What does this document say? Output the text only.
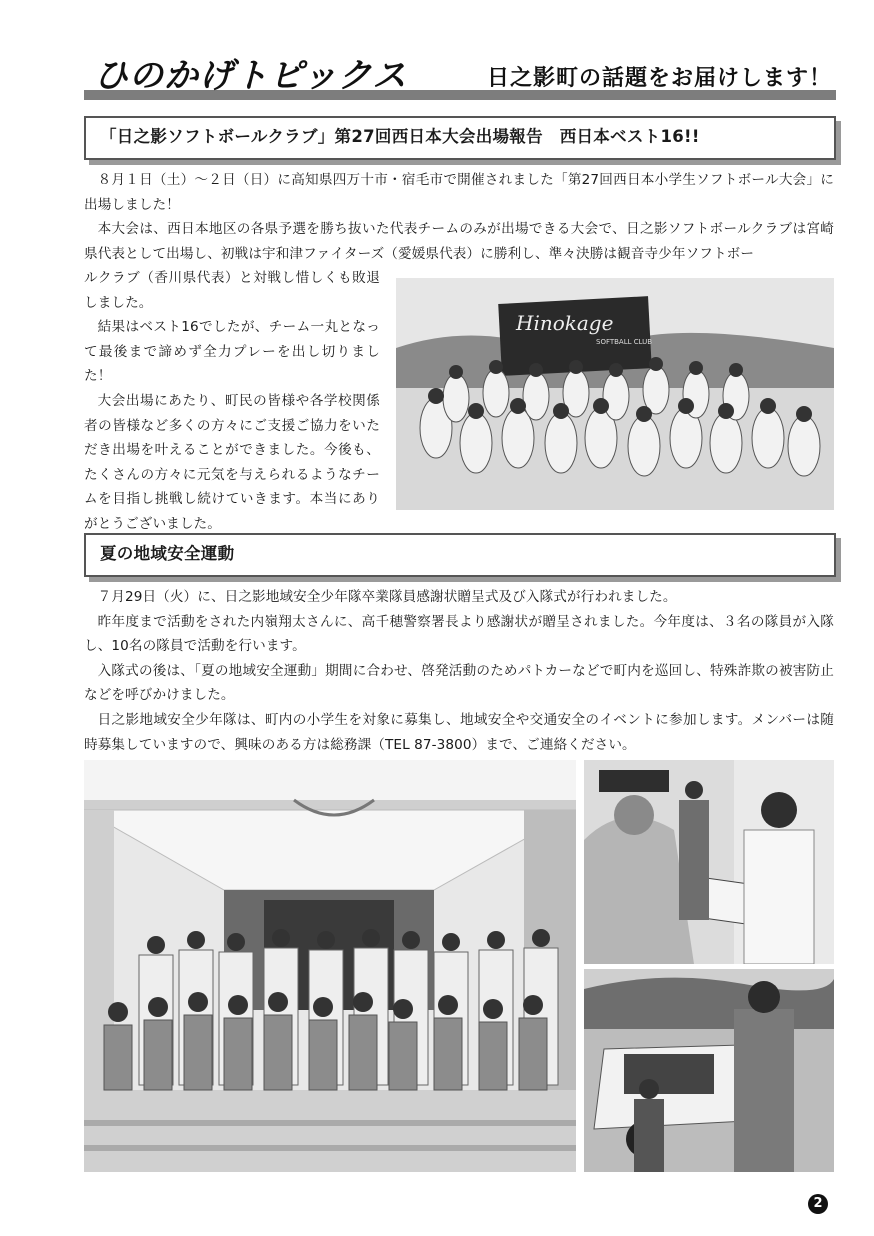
ひのかげトピックス	日之影町の話題をお届けします！
「日之影ソフトボールクラブ」第27回西日本大会出場報告　西日本ベスト16!!

８月１日（土）～２日（日）に高知県四万十市・宿毛市で開催されました「第27回西日本小学生ソフトボール大会」に出場しました！

本大会は、西日本地区の各県予選を勝ち抜いた代表チームのみが出場できる大会で、日之影ソフトボールクラブは宮崎県代表として出場し、初戦は宇和津ファイターズ（愛媛県代表）に勝利し、準々決勝は観音寺少年ソフトボー

ルクラブ（香川県代表）と対戦し惜しくも敗退しました。

結果はベスト16でしたが、チーム一丸となって最後まで諦めず全力プレーを出し切りました！

大会出場にあたり、町民の皆様や各学校関係者の皆様など多くの方々にご支援ご協力をいただき出場を叶えることができました。今後も、たくさんの方々に元気を与えられるようなチームを目指し挑戦し続けていきます。本当にありがとうございました。

Hinokage
SOFTBALL CLUB
夏の地域安全運動

７月29日（火）に、日之影地域安全少年隊卒業隊員感謝状贈呈式及び入隊式が行われました。

昨年度まで活動をされた内嶺翔太さんに、高千穂警察署長より感謝状が贈呈されました。今年度は、３名の隊員が入隊し、10名の隊員で活動を行います。

入隊式の後は、「夏の地域安全運動」期間に合わせ、啓発活動のためパトカーなどで町内を巡回し、特殊詐欺の被害防止などを呼びかけました。

日之影地域安全少年隊は、町内の小学生を対象に募集し、地域安全や交通安全のイベントに参加します。メンバーは随時募集していますので、興味のある方は総務課（TEL 87-3800）まで、ご連絡ください。

2
